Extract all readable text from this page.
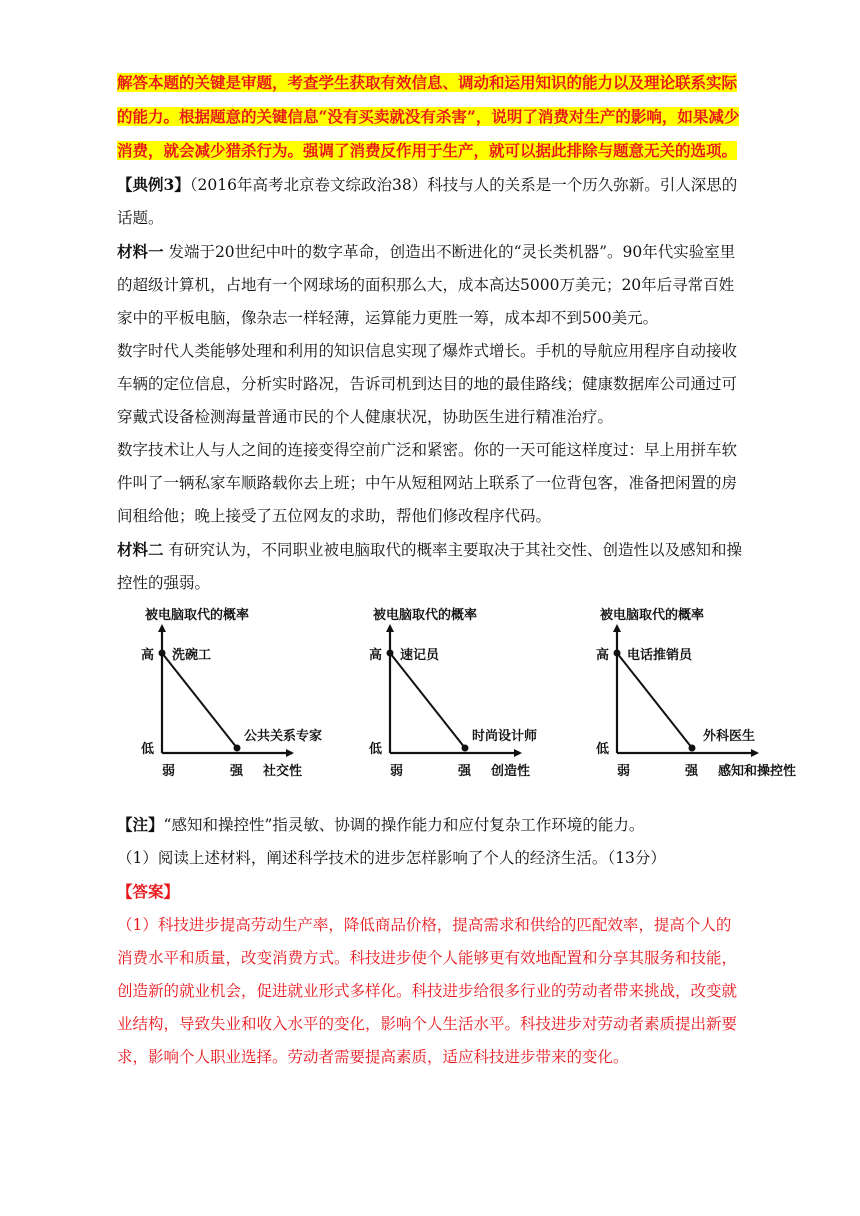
解答本题的关键是审题，考查学生获取有效信息、调动和运用知识的能力以及理论联系实际的能力。根据题意的关键信息“没有买卖就没有杀害”，说明了消费对生产的影响，如果减少消费，就会减少猎杀行为。强调了消费反作用于生产，就可以据此排除与题意无关的选项。

【典例3】（2016年高考北京卷文综政治38）科技与人的关系是一个历久弥新。引人深思的话题。

材料一 发端于20世纪中叶的数字革命，创造出不断进化的“灵长类机器”。90年代实验室里的超级计算机，占地有一个网球场的面积那么大，成本高达5000万美元；20年后寻常百姓家中的平板电脑，像杂志一样轻薄，运算能力更胜一筹，成本却不到500美元。

数字时代人类能够处理和利用的知识信息实现了爆炸式增长。手机的导航应用程序自动接收车辆的定位信息，分析实时路况，告诉司机到达目的地的最佳路线；健康数据库公司通过可穿戴式设备检测海量普通市民的个人健康状况，协助医生进行精准治疗。

数字技术让人与人之间的连接变得空前广泛和紧密。你的一天可能这样度过：早上用拼车软件叫了一辆私家车顺路载你去上班；中午从短租网站上联系了一位背包客，准备把闲置的房间租给他；晚上接受了五位网友的求助，帮他们修改程序代码。

材料二 有研究认为，不同职业被电脑取代的概率主要取决于其社交性、创造性以及感知和操控性的强弱。

被电脑取代的概率
高
低
弱	强 社交性
洗碗工
公共关系专家
被电脑取代的概率
高
低
弱	强 创造性
速记员
时尚设计师
被电脑取代的概率
高
低
弱	强 感知和操控性
电话推销员
外科医生

【注】“感知和操控性”指灵敏、协调的操作能力和应付复杂工作环境的能力。

（1）阅读上述材料，阐述科学技术的进步怎样影响了个人的经济生活。（13分）

【答案】

（1）科技进步提高劳动生产率，降低商品价格，提高需求和供给的匹配效率，提高个人的消费水平和质量，改变消费方式。科技进步使个人能够更有效地配置和分享其服务和技能，创造新的就业机会，促进就业形式多样化。科技进步给很多行业的劳动者带来挑战，改变就业结构，导致失业和收入水平的变化，影响个人生活水平。科技进步对劳动者素质提出新要求，影响个人职业选择。劳动者需要提高素质，适应科技进步带来的变化。
